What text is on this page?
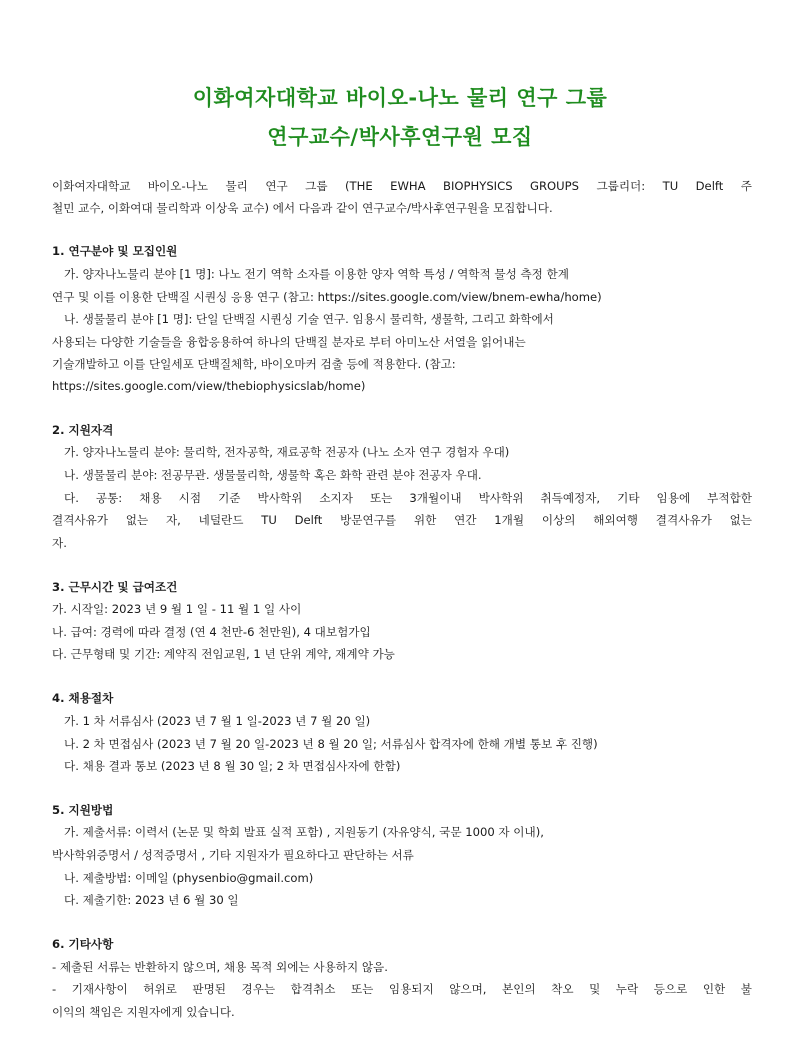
이화여자대학교 바이오-나노 물리 연구 그룹
연구교수/박사후연구원 모집
이화여자대학교 바이오-나노 물리 연구 그룹 (THE EWHA BIOPHYSICS GROUPS 그룹리더: TU Delft 주
철민 교수, 이화여대 물리학과 이상욱 교수) 에서 다음과 같이 연구교수/박사후연구원을 모집합니다.
1. 연구분야 및 모집인원
가. 양자나노물리 분야 [1 명]: 나노 전기 역학 소자를 이용한 양자 역학 특성 / 역학적 물성 측정 한계
연구 및 이를 이용한 단백질 시퀀싱 응용 연구 (참고: https://sites.google.com/view/bnem-ewha/home)
나. 생물물리 분야 [1 명]: 단일 단백질 시퀀싱 기술 연구. 임용시 물리학, 생물학, 그리고 화학에서
사용되는 다양한 기술들을 융합응용하여 하나의 단백질 분자로 부터 아미노산 서열을 읽어내는
기술개발하고 이를 단일세포 단백질체학, 바이오마커 검출 등에 적용한다. (참고:
https://sites.google.com/view/thebiophysicslab/home)
2. 지원자격
가. 양자나노물리 분야: 물리학, 전자공학, 재료공학 전공자 (나노 소자 연구 경험자 우대)
나. 생물물리 분야: 전공무관. 생물물리학, 생물학 혹은 화학 관련 분야 전공자 우대.
다. 공통: 채용 시점 기준 박사학위 소지자 또는 3개월이내 박사학위 취득예정자, 기타 임용에 부적합한
결격사유가 없는 자, 네덜란드 TU Delft 방문연구를 위한 연간 1개월 이상의 해외여행 결격사유가 없는
자.
3. 근무시간 및 급여조건
가. 시작일: 2023 년 9 월 1 일 - 11 월 1 일 사이
나. 급여: 경력에 따라 결정 (연 4 천만-6 천만원), 4 대보험가입
다. 근무형태 및 기간: 계약직 전임교원, 1 년 단위 계약, 재계약 가능
4. 채용절차
가. 1 차 서류심사 (2023 년 7 월 1 일-2023 년 7 월 20 일)
나. 2 차 면접심사 (2023 년 7 월 20 일-2023 년 8 월 20 일; 서류심사 합격자에 한해 개별 통보 후 진행)
다. 채용 결과 통보 (2023 년 8 월 30 일; 2 차 면접심사자에 한함)
5. 지원방법
가. 제출서류: 이력서 (논문 및 학회 발표 실적 포함) , 지원동기 (자유양식, 국문 1000 자 이내),
박사학위증명서 / 성적증명서 , 기타 지원자가 필요하다고 판단하는 서류
나. 제출방법: 이메일 (physenbio@gmail.com)
다. 제출기한: 2023 년 6 월 30 일
6. 기타사항
- 제출된 서류는 반환하지 않으며, 채용 목적 외에는 사용하지 않음.
- 기재사항이 허위로 판명된 경우는 합격취소 또는 임용되지 않으며, 본인의 착오 및 누락 등으로 인한 불
이익의 책임은 지원자에게 있습니다.
